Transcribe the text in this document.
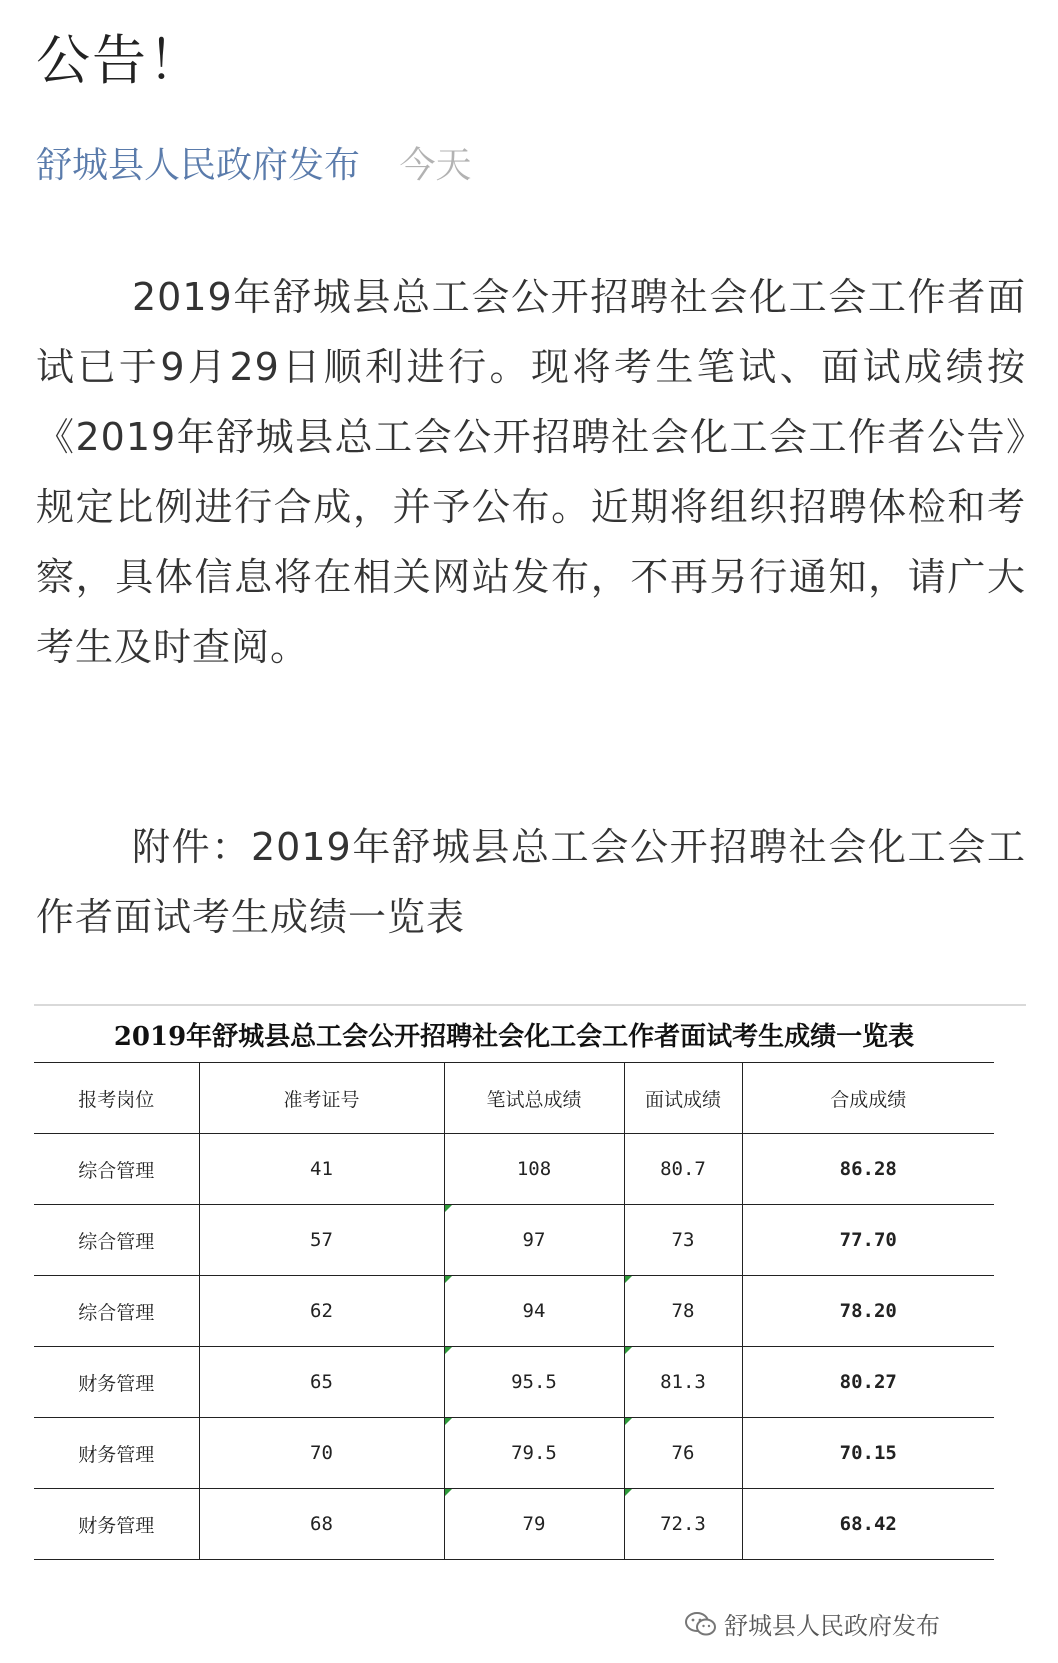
公告！
舒城县人民政府发布 今天

2019年舒城县总工会公开招聘社会化工会工作者面试已于9月29日顺利进行。现将考生笔试、面试成绩按《2019年舒城县总工会公开招聘社会化工会工作者公告》规定比例进行合成，并予公布。近期将组织招聘体检和考察，具体信息将在相关网站发布，不再另行通知，请广大考生及时查阅。

附件：2019年舒城县总工会公开招聘社会化工会工作者面试考生成绩一览表

2019年舒城县总工会公开招聘社会化工会工作者面试考生成绩一览表
报考岗位	准考证号	笔试总成绩	面试成绩	合成成绩
综合管理	41	108	80.7	86.28
综合管理	57	97	73	77.70
综合管理	62	94	78	78.20
财务管理	65	95.5	81.3	80.27
财务管理	70	79.5	76	70.15
财务管理	68	79	72.3	68.42
舒城县人民政府发布
